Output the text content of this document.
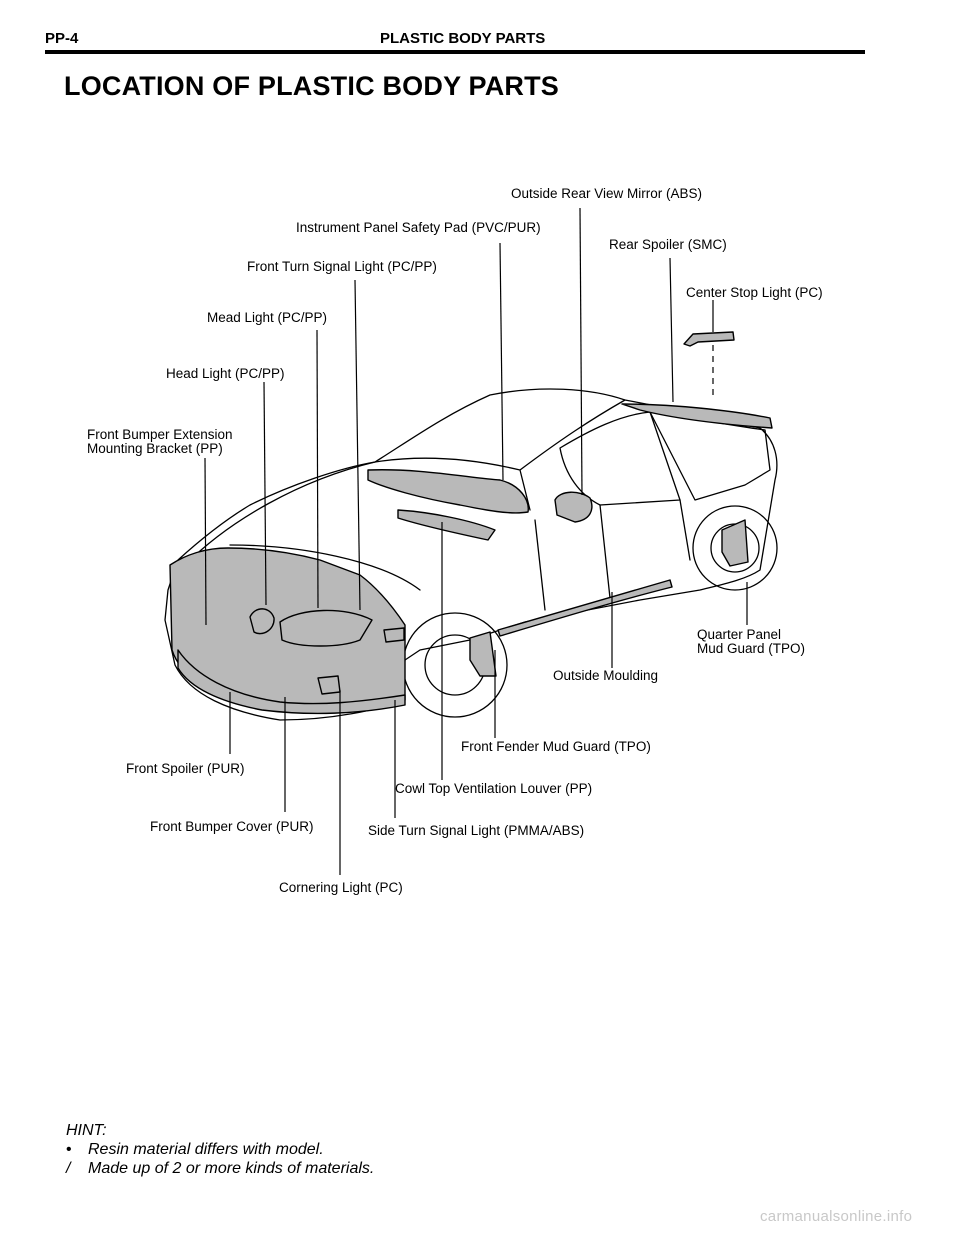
PP-4	PLASTIC BODY PARTS
LOCATION OF PLASTIC BODY PARTS
Outside Rear View Mirror (ABS)
Instrument Panel Safety Pad (PVC/PUR)
Rear Spoiler (SMC)
Front Turn Signal Light (PC/PP)
Center Stop Light (PC)
Mead Light (PC/PP)
Head Light (PC/PP)
Front Bumper Extension
Mounting Bracket (PP)
Quarter Panel
Mud Guard (TPO)
Outside Moulding
Front Fender Mud Guard (TPO)
Front Spoiler (PUR)
Cowl Top Ventilation Louver (PP)
Front Bumper Cover (PUR)	Side Turn Signal Light (PMMA/ABS)
Cornering Light (PC)
HINT:
•	Resin material differs with model.
/	Made up of 2 or more kinds of materials.
carmanualsonline.info
